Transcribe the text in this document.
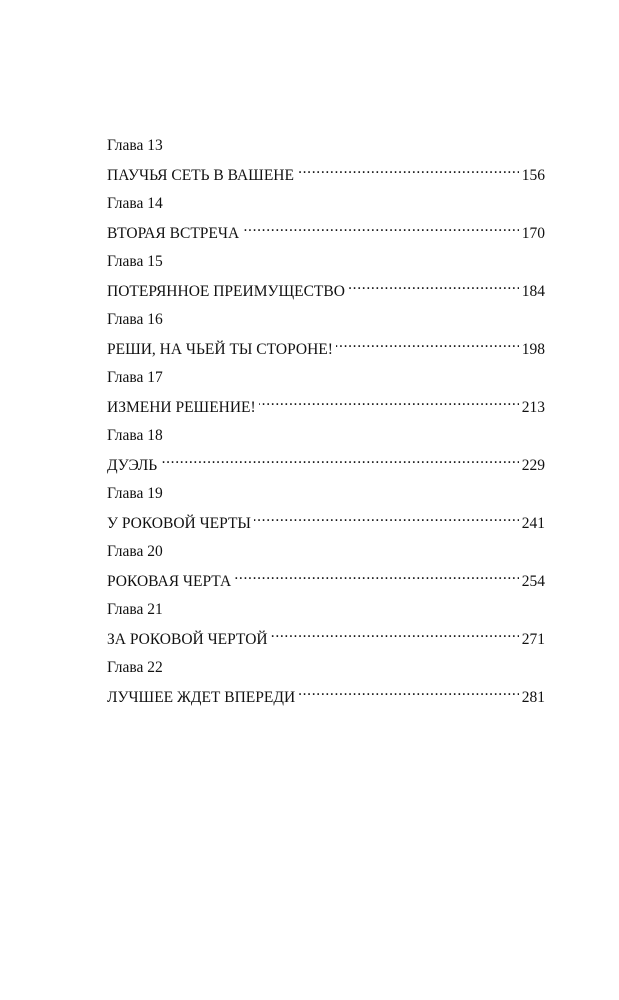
Глава 13
ПАУЧЬЯ СЕТЬ В ВАШЕНЕ . . .	156
Глава 14
ВТОРАЯ ВСТРЕЧА . . .	170
Глава 15
ПОТЕРЯННОЕ ПРЕИМУЩЕСТВО . . .	184
Глава 16
РЕШИ, НА ЧЬЕЙ ТЫ СТОРОНЕ! . . .	198
Глава 17
ИЗМЕНИ РЕШЕНИЕ! . . .	213
Глава 18
ДУЭЛЬ . . .	229
Глава 19
У РОКОВОЙ ЧЕРТЫ . . .	241
Глава 20
РОКОВАЯ ЧЕРТА . . .	254
Глава 21
ЗА РОКОВОЙ ЧЕРТОЙ . . .	271
Глава 22
ЛУЧШЕЕ ЖДЕТ ВПЕРЕДИ . . .	281
